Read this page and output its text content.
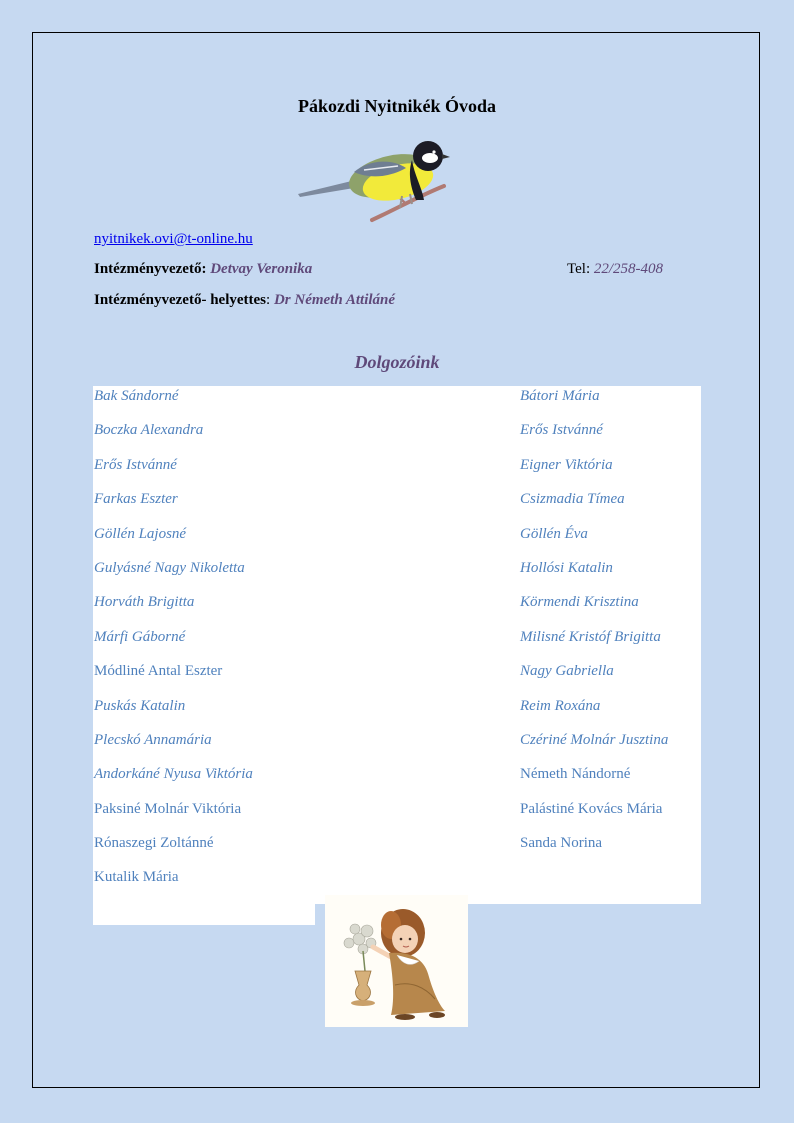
Pákozdi Nyitnikék Óvoda
nyitnikek.ovi@t-online.hu
Intézményvezető: Detvay Veronika	Tel: 22/258-408
Intézményvezető- helyettes: Dr Németh Attiláné
Dolgozóink
Bak Sándorné
Boczka Alexandra
Erős Istvánné
Farkas Eszter
Göllén Lajosné
Gulyásné Nagy Nikoletta
Horváth Brigitta
Márfi Gáborné
Módliné Antal Eszter
Puskás Katalin
Plecskó Annamária
Andorkáné Nyusa Viktória
Paksiné Molnár Viktória
Rónaszegi Zoltánné
Kutalik Mária
Bátori Mária
Erős Istvánné
Eigner Viktória
Csizmadia Tímea
Göllén Éva
Hollósi Katalin
Körmendi Krisztina
Milisné Kristóf Brigitta
Nagy Gabriella
Reim Roxána
Czériné Molnár Jusztina
Németh Nándorné
Palástiné Kovács Mária
Sanda Norina
